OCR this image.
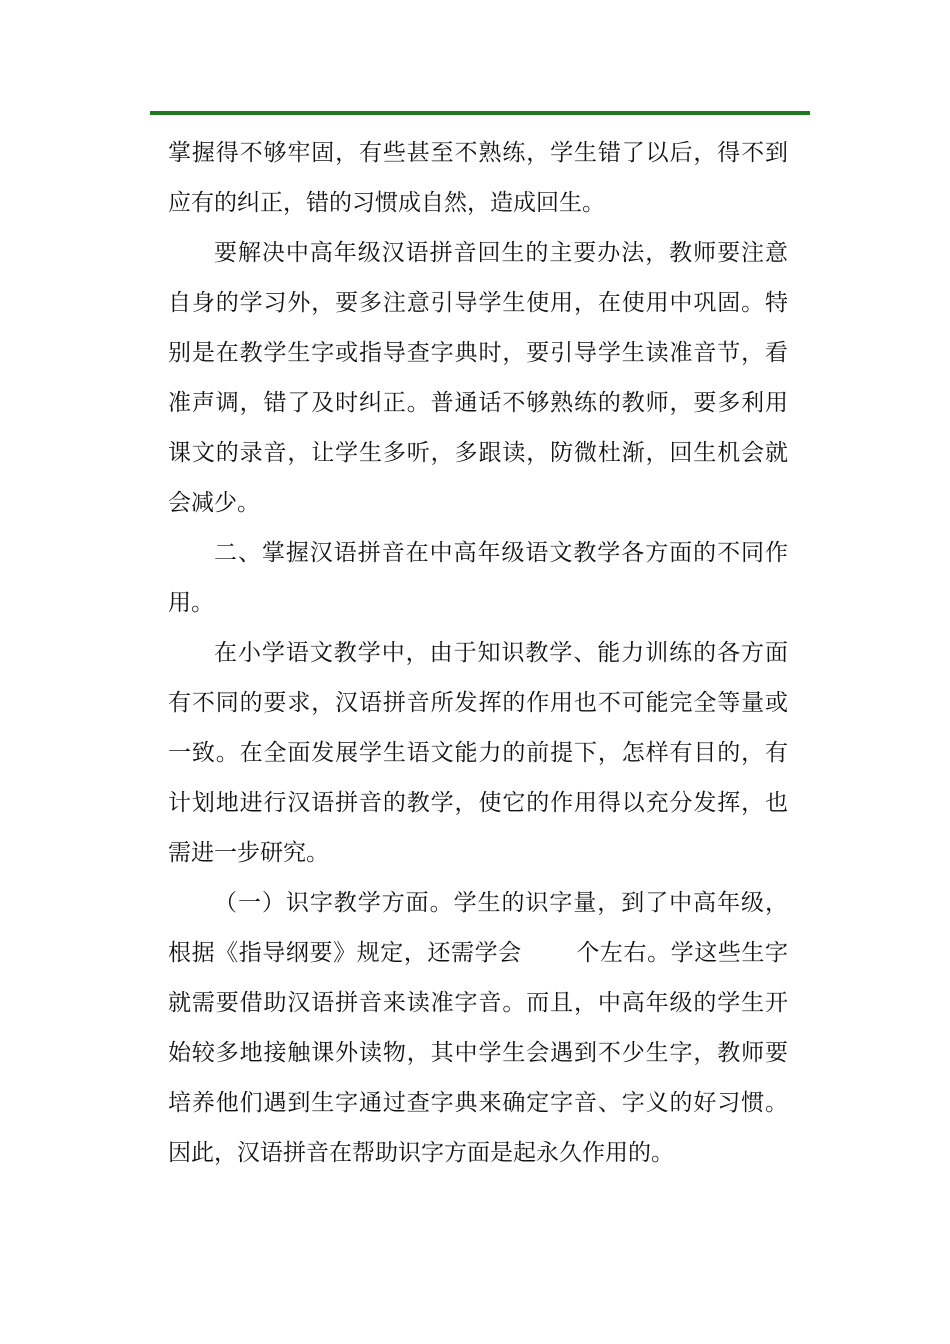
掌握得不够牢固，有些甚至不熟练，学生错了以后，得不到应有的纠正，错的习惯成自然，造成回生。

要解决中高年级汉语拼音回生的主要办法，教师要注意自身的学习外，要多注意引导学生使用，在使用中巩固。特别是在教学生字或指导查字典时，要引导学生读准音节，看准声调，错了及时纠正。普通话不够熟练的教师，要多利用课文的录音，让学生多听，多跟读，防微杜渐，回生机会就会减少。

二、掌握汉语拼音在中高年级语文教学各方面的不同作用。

在小学语文教学中，由于知识教学、能力训练的各方面有不同的要求，汉语拼音所发挥的作用也不可能完全等量或一致。在全面发展学生语文能力的前提下，怎样有目的，有计划地进行汉语拼音的教学，使它的作用得以充分发挥，也需进一步研究。

（一）识字教学方面。学生的识字量，到了中高年级，根据《指导纲要》规定，还需学会 个左右。学这些生字就需要借助汉语拼音来读准字音。而且，中高年级的学生开始较多地接触课外读物，其中学生会遇到不少生字，教师要培养他们遇到生字通过查字典来确定字音、字义的好习惯。因此，汉语拼音在帮助识字方面是起永久作用的。
